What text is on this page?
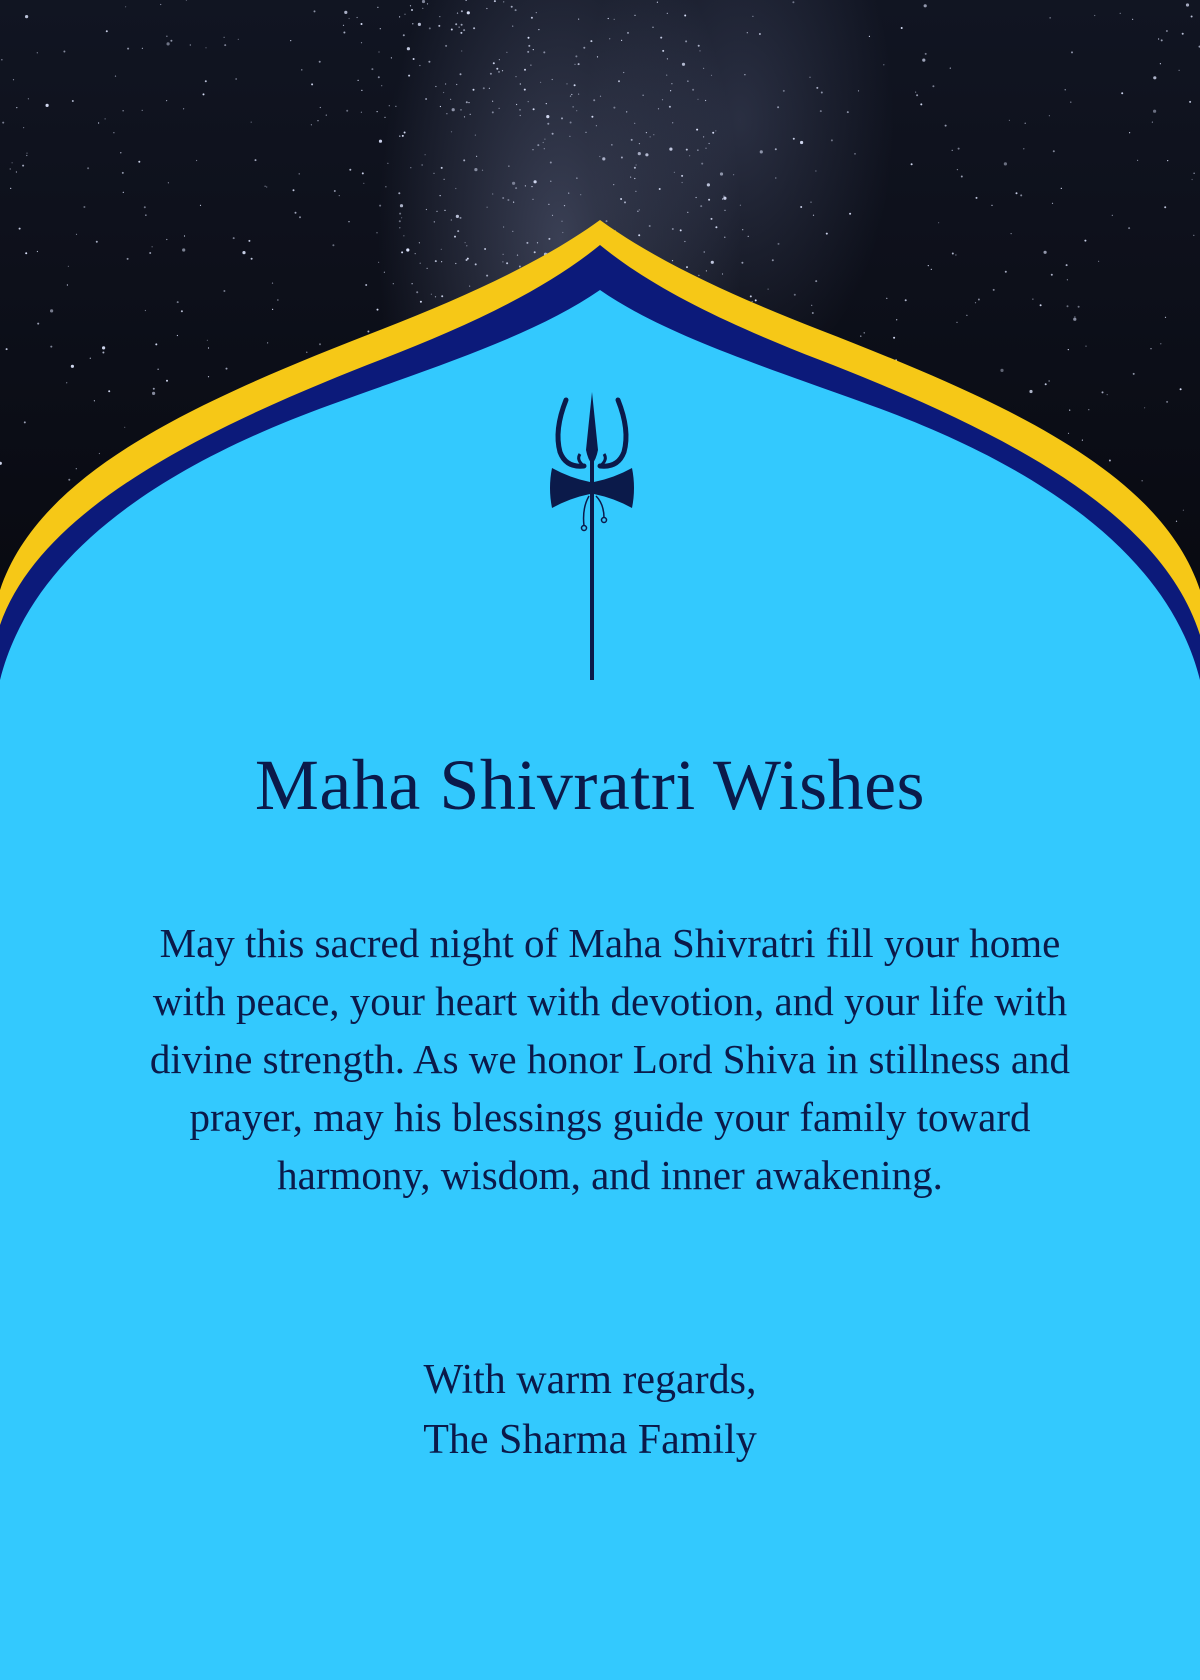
Maha Shivratri Wishes
May this sacred night of Maha Shivratri fill your home with peace, your heart with devotion, and your life with divine strength. As we honor Lord Shiva in stillness and prayer, may his blessings guide your family toward harmony, wisdom, and inner awakening.
With warm regards,
The Sharma Family
